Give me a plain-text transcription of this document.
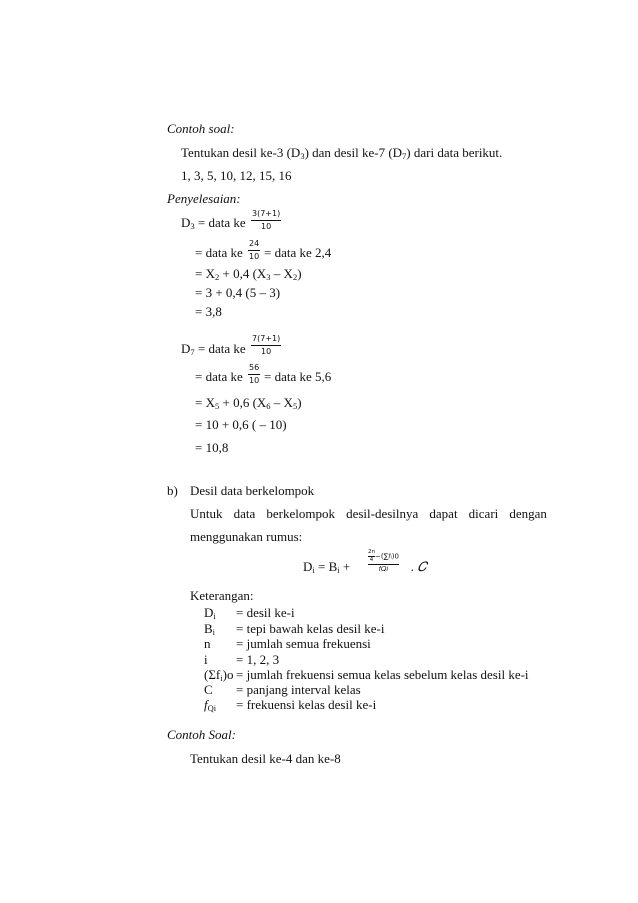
Contoh soal:
Tentukan desil ke-3 $(D_3)$ dan desil ke-7 $(D_7)$ dari data berikut.
1, 3, 5, 10, 12, 15, 16
Penyelesaian:
$D_3$ = data ke
3(7+1)
10
= data ke
24
10 = data ke 2,4
= $X_2 + 0,4$ $(X_3 - X_2)$
= 3 + 0,4 (5 – 3)
= 3,8
$D_7$ = data ke
7(7+1)
10
= data ke
56
10 = data ke 5,6
= $X_5 + 0,6$ $(X_6 - X_5)$
= 10 + 0,6 ( – 10)
= 10,8
b) Desil data berkelompok
Untuk data berkelompok desil-desilnya dapat dicari dengan
menggunakan rumus:
$D_i = B_i$ +
$\frac{2n}{4}-(\sum 𝑓ᵢ)0$
𝑓𝑄𝑖	. 𝐶
Keterangan:
$D_i$ = desil ke-i
$B_i$ = tepi bawah kelas desil ke-i
n = jumlah semua frekuensi
i = 1, 2, 3
$(\Sigma f_i)o$ = jumlah frekuensi semua kelas sebelum kelas desil ke-i
C = panjang interval kelas
$f_{Qi}$ = frekuensi kelas desil ke-i
Contoh Soal:
Tentukan desil ke-4 dan ke-8
